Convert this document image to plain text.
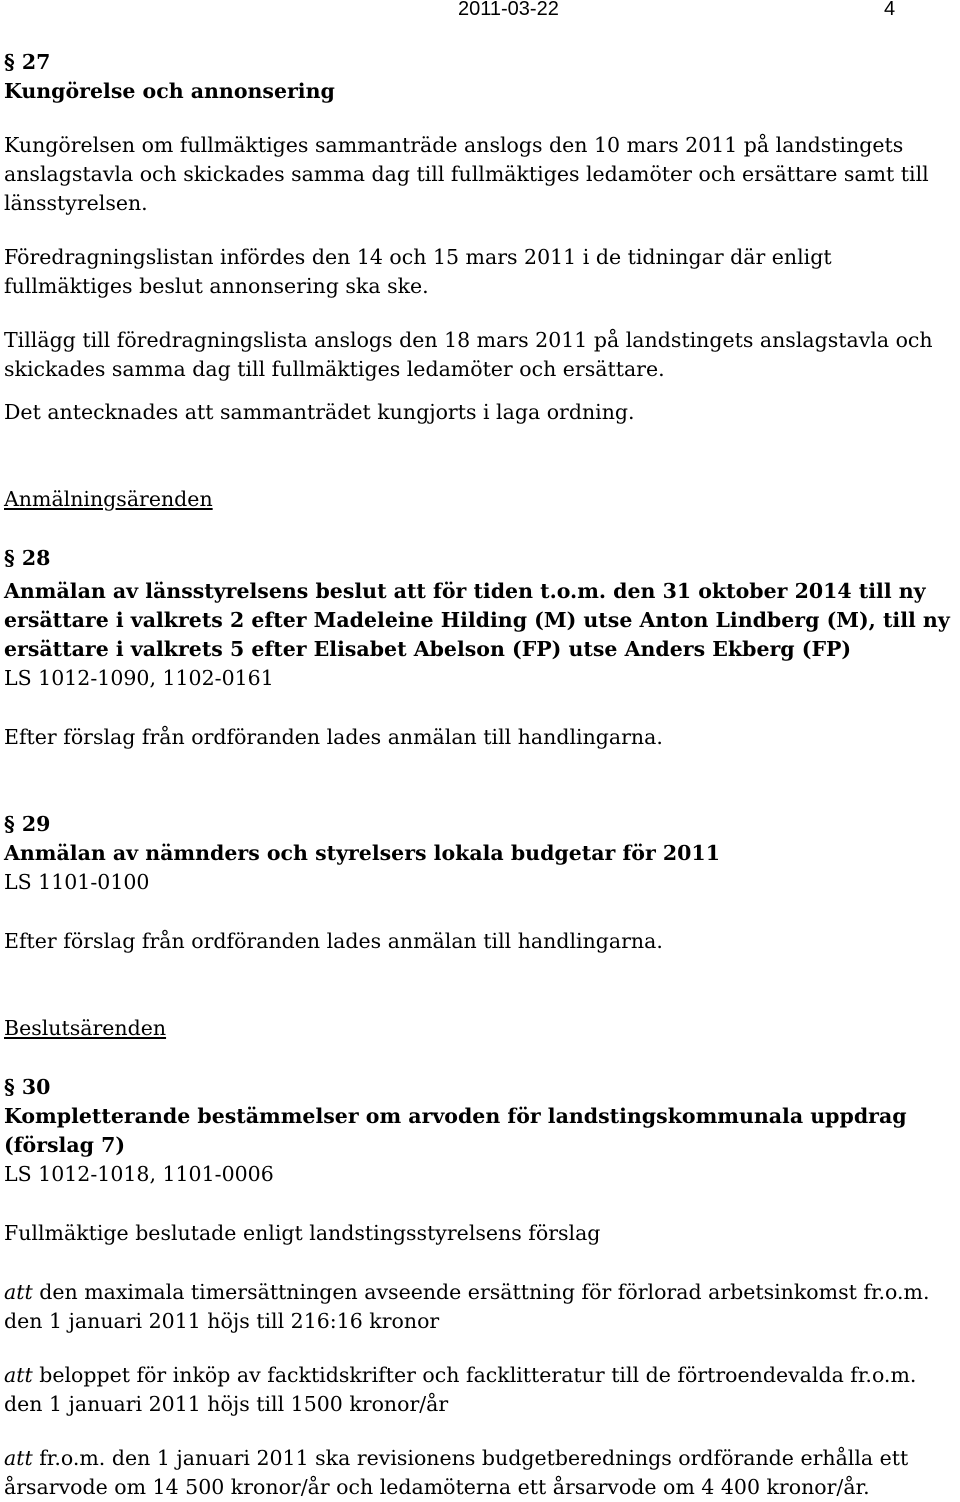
2011-03-22	4

§ 27

Kungörelse och annonsering

Kungörelsen om fullmäktiges sammanträde anslogs den 10 mars 2011 på landstingets anslagstavla och skickades samma dag till fullmäktiges ledamöter och ersättare samt till länsstyrelsen.

Föredragningslistan infördes den 14 och 15 mars 2011 i de tidningar där enligt fullmäktiges beslut annonsering ska ske.

Tillägg till föredragningslista anslogs den 18 mars 2011 på landstingets anslagstavla och skickades samma dag till fullmäktiges ledamöter och ersättare.

Det antecknades att sammanträdet kungjorts i laga ordning.

Anmälningsärenden

§ 28

Anmälan av länsstyrelsens beslut att för tiden t.o.m. den 31 oktober 2014 till ny ersättare i valkrets 2 efter Madeleine Hilding (M) utse Anton Lindberg (M), till ny ersättare i valkrets 5 efter Elisabet Abelson (FP) utse Anders Ekberg (FP)

LS 1012-1090, 1102-0161

Efter förslag från ordföranden lades anmälan till handlingarna.

§ 29

Anmälan av nämnders och styrelsers lokala budgetar för 2011

LS 1101-0100

Efter förslag från ordföranden lades anmälan till handlingarna.

Beslutsärenden

§ 30

Kompletterande bestämmelser om arvoden för landstingskommunala uppdrag (förslag 7)

LS 1012-1018, 1101-0006

Fullmäktige beslutade enligt landstingsstyrelsens förslag

att den maximala timersättningen avseende ersättning för förlorad arbetsinkomst fr.o.m. den 1 januari 2011 höjs till 216:16 kronor

att beloppet för inköp av facktidskrifter och facklitteratur till de förtroendevalda fr.o.m. den 1 januari 2011 höjs till 1500 kronor/år

att fr.o.m. den 1 januari 2011 ska revisionens budgetberednings ordförande erhålla ett årsarvode om 14 500 kronor/år och ledamöterna ett årsarvode om 4 400 kronor/år.
